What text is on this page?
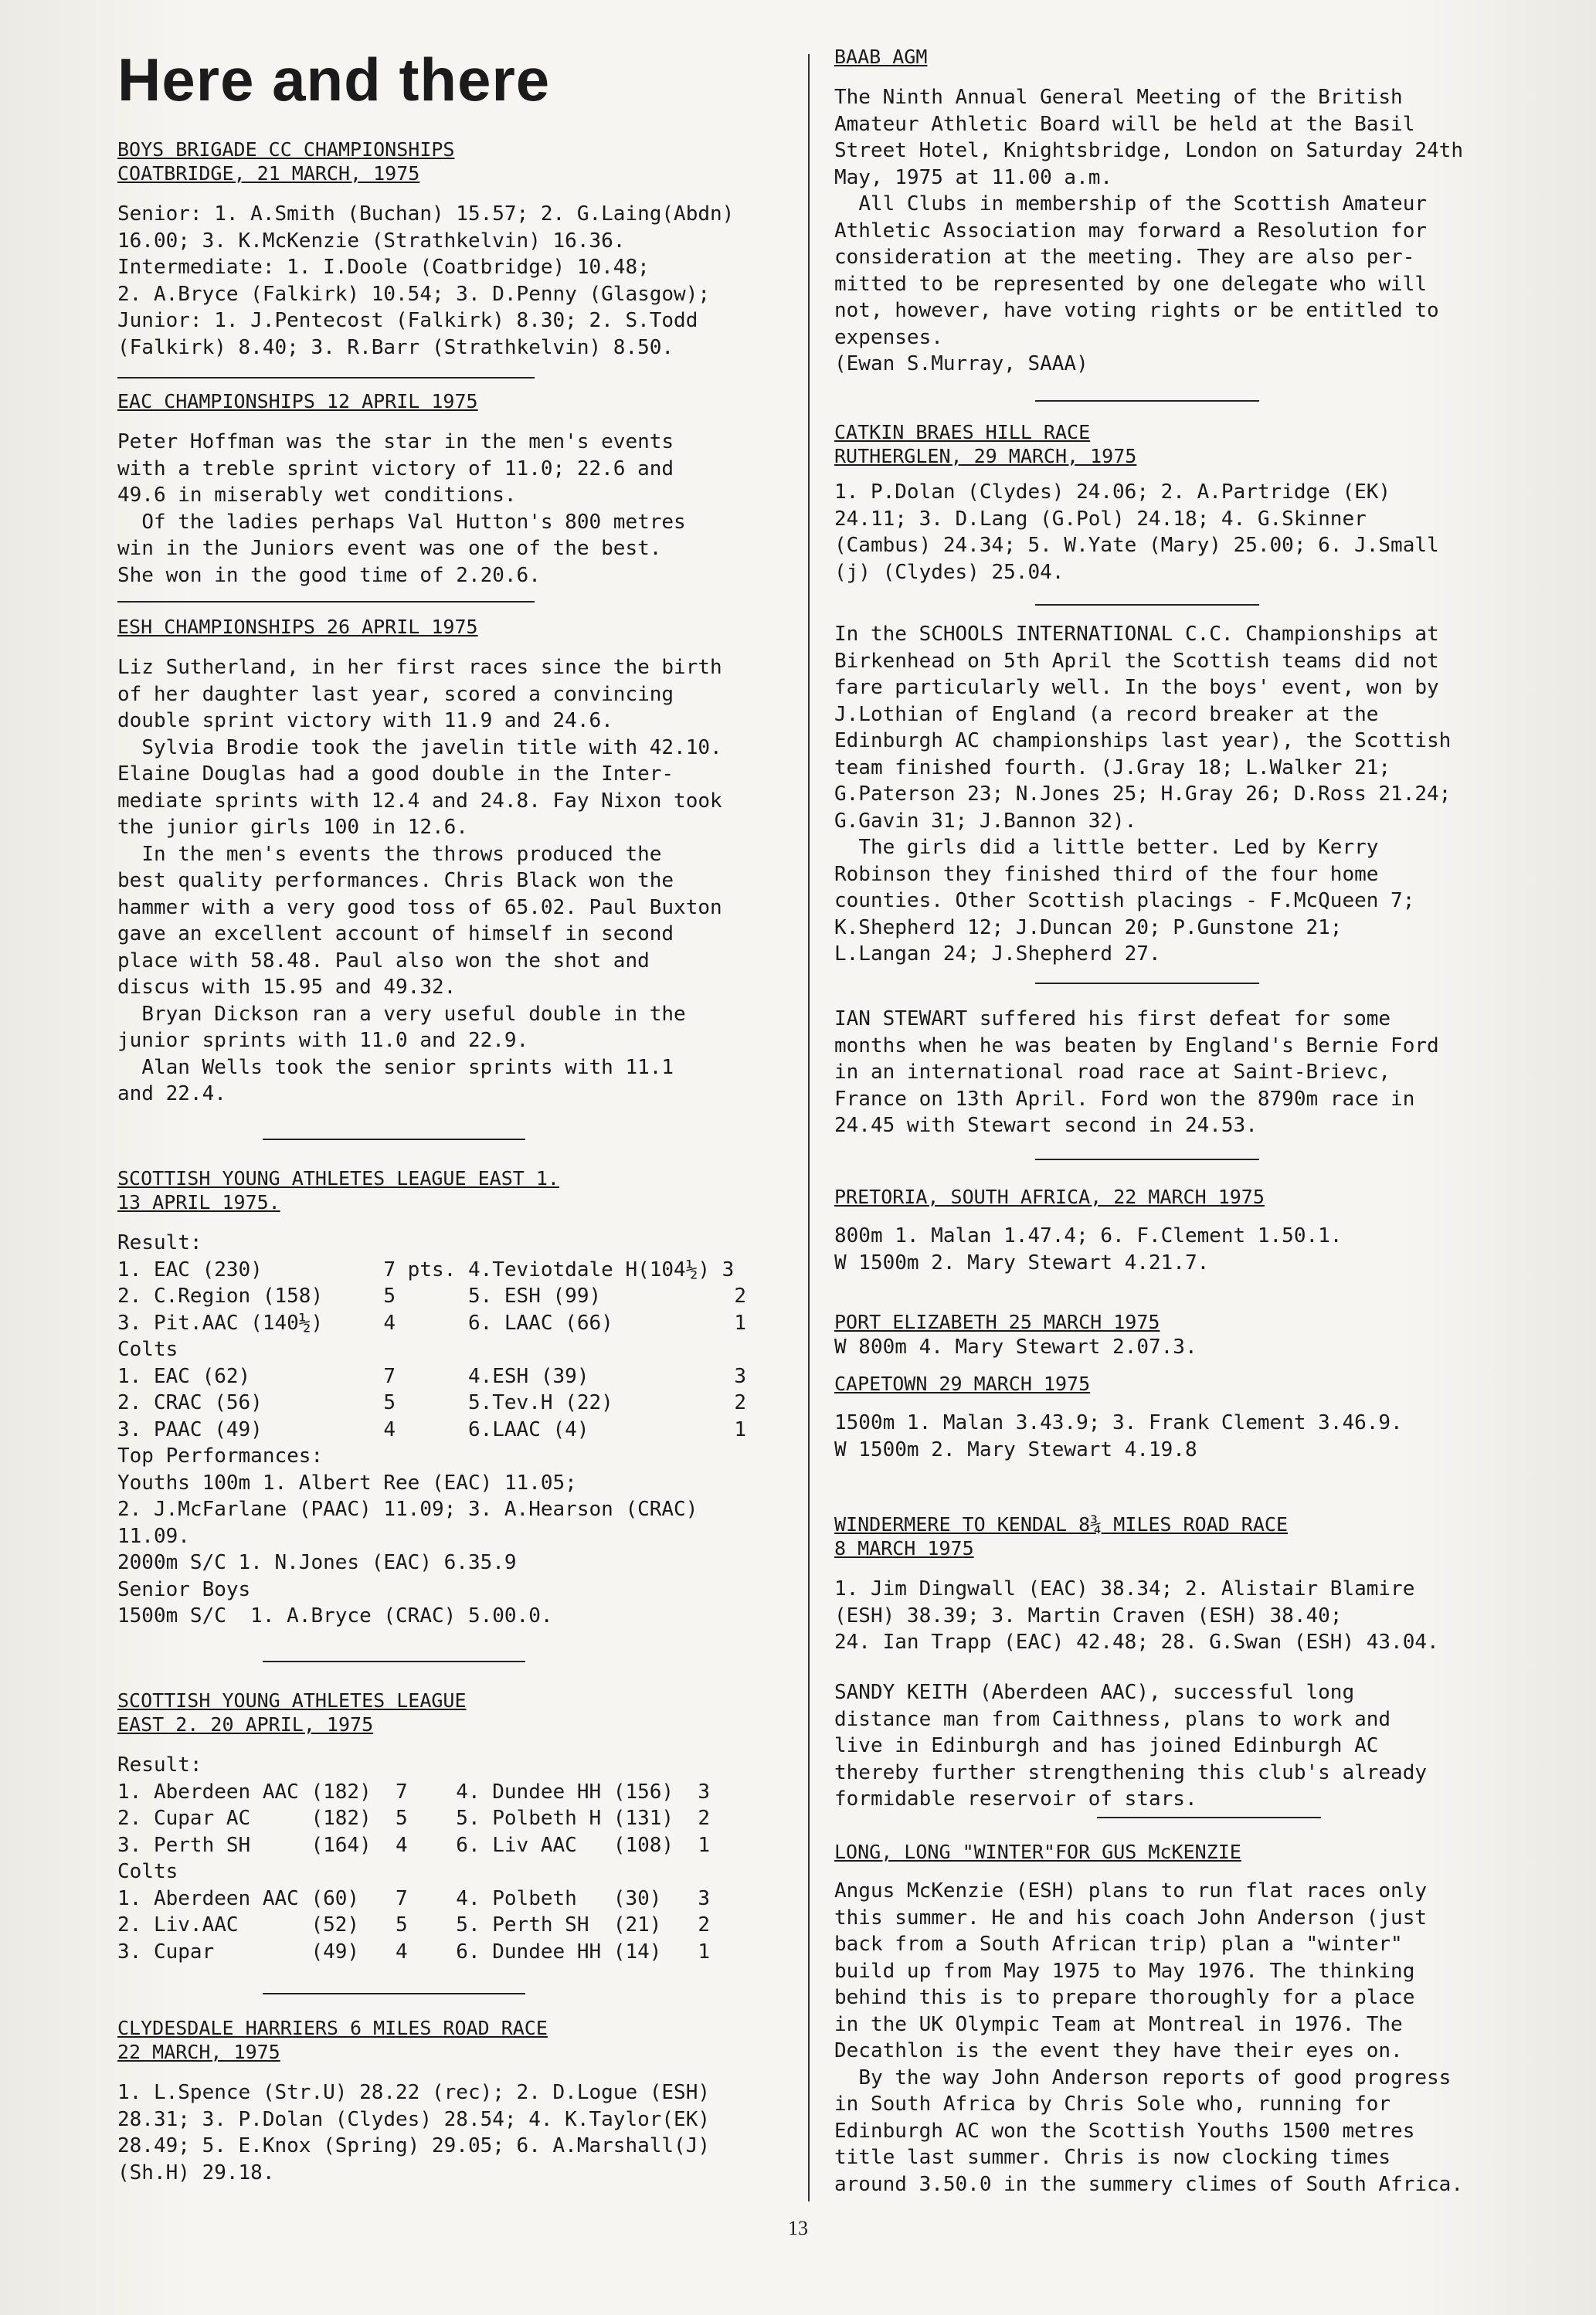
Here and there
BOYS BRIGADE CC CHAMPIONSHIPS
COATBRIDGE, 21 MARCH, 1975

Senior: 1. A.Smith (Buchan) 15.57; 2. G.Laing(Abdn)
16.00; 3. K.McKenzie (Strathkelvin) 16.36.
Intermediate: 1. I.Doole (Coatbridge) 10.48;
2. A.Bryce (Falkirk) 10.54; 3. D.Penny (Glasgow);
Junior: 1. J.Pentecost (Falkirk) 8.30; 2. S.Todd
(Falkirk) 8.40; 3. R.Barr (Strathkelvin) 8.50.

EAC CHAMPIONSHIPS 12 APRIL 1975

Peter Hoffman was the star in the men's events
with a treble sprint victory of 11.0; 22.6 and
49.6 in miserably wet conditions.
Of the ladies perhaps Val Hutton's 800 metres
win in the Juniors event was one of the best.
She won in the good time of 2.20.6.

ESH CHAMPIONSHIPS 26 APRIL 1975

Liz Sutherland, in her first races since the birth
of her daughter last year, scored a convincing
double sprint victory with 11.9 and 24.6.
Sylvia Brodie took the javelin title with 42.10.
Elaine Douglas had a good double in the Inter-
mediate sprints with 12.4 and 24.8. Fay Nixon took
the junior girls 100 in 12.6.
In the men's events the throws produced the
best quality performances. Chris Black won the
hammer with a very good toss of 65.02. Paul Buxton
gave an excellent account of himself in second
place with 58.48. Paul also won the shot and
discus with 15.95 and 49.32.
Bryan Dickson ran a very useful double in the
junior sprints with 11.0 and 22.9.
Alan Wells took the senior sprints with 11.1
and 22.4.

SCOTTISH YOUNG ATHLETES LEAGUE EAST 1.
13 APRIL 1975.

Result:
1. EAC (230)          7 pts. 4.Teviotdale H(104½) 3
2. C.Region (158)     5      5. ESH (99)           2
3. Pit.AAC (140½)     4      6. LAAC (66)          1
Colts
1. EAC (62)           7      4.ESH (39)            3
2. CRAC (56)          5      5.Tev.H (22)          2
3. PAAC (49)          4      6.LAAC (4)            1
Top Performances:
Youths 100m 1. Albert Ree (EAC) 11.05;
2. J.McFarlane (PAAC) 11.09; 3. A.Hearson (CRAC)
11.09.
2000m S/C 1. N.Jones (EAC) 6.35.9
Senior Boys
1500m S/C  1. A.Bryce (CRAC) 5.00.0.

SCOTTISH YOUNG ATHLETES LEAGUE
EAST 2. 20 APRIL, 1975

Result:
1. Aberdeen AAC (182)  7    4. Dundee HH (156)  3
2. Cupar AC     (182)  5    5. Polbeth H (131)  2
3. Perth SH     (164)  4    6. Liv AAC   (108)  1
Colts
1. Aberdeen AAC (60)   7    4. Polbeth   (30)   3
2. Liv.AAC      (52)   5    5. Perth SH  (21)   2
3. Cupar        (49)   4    6. Dundee HH (14)   1

CLYDESDALE HARRIERS 6 MILES ROAD RACE
22 MARCH, 1975

1. L.Spence (Str.U) 28.22 (rec); 2. D.Logue (ESH)
28.31; 3. P.Dolan (Clydes) 28.54; 4. K.Taylor(EK)
28.49; 5. E.Knox (Spring) 29.05; 6. A.Marshall(J)
(Sh.H) 29.18.

BAAB AGM

The Ninth Annual General Meeting of the British
Amateur Athletic Board will be held at the Basil
Street Hotel, Knightsbridge, London on Saturday 24th
May, 1975 at 11.00 a.m.
All Clubs in membership of the Scottish Amateur
Athletic Association may forward a Resolution for
consideration at the meeting. They are also per-
mitted to be represented by one delegate who will
not, however, have voting rights or be entitled to
expenses.
(Ewan S.Murray, SAAA)

CATKIN BRAES HILL RACE
RUTHERGLEN, 29 MARCH, 1975

1. P.Dolan (Clydes) 24.06; 2. A.Partridge (EK)
24.11; 3. D.Lang (G.Pol) 24.18; 4. G.Skinner
(Cambus) 24.34; 5. W.Yate (Mary) 25.00; 6. J.Small
(j) (Clydes) 25.04.

In the SCHOOLS INTERNATIONAL C.C. Championships at
Birkenhead on 5th April the Scottish teams did not
fare particularly well. In the boys' event, won by
J.Lothian of England (a record breaker at the
Edinburgh AC championships last year), the Scottish
team finished fourth. (J.Gray 18; L.Walker 21;
G.Paterson 23; N.Jones 25; H.Gray 26; D.Ross 21.24;
G.Gavin 31; J.Bannon 32).
The girls did a little better. Led by Kerry
Robinson they finished third of the four home
counties. Other Scottish placings - F.McQueen 7;
K.Shepherd 12; J.Duncan 20; P.Gunstone 21;
L.Langan 24; J.Shepherd 27.

IAN STEWART suffered his first defeat for some
months when he was beaten by England's Bernie Ford
in an international road race at Saint-Brievc,
France on 13th April. Ford won the 8790m race in
24.45 with Stewart second in 24.53.

PRETORIA, SOUTH AFRICA, 22 MARCH 1975

800m 1. Malan 1.47.4; 6. F.Clement 1.50.1.
W 1500m 2. Mary Stewart 4.21.7.

PORT ELIZABETH 25 MARCH 1975

W 800m 4. Mary Stewart 2.07.3.

CAPETOWN 29 MARCH 1975

1500m 1. Malan 3.43.9; 3. Frank Clement 3.46.9.
W 1500m 2. Mary Stewart 4.19.8

WINDERMERE TO KENDAL 8¾ MILES ROAD RACE
8 MARCH 1975

1. Jim Dingwall (EAC) 38.34; 2. Alistair Blamire
(ESH) 38.39; 3. Martin Craven (ESH) 38.40;
24. Ian Trapp (EAC) 42.48; 28. G.Swan (ESH) 43.04.

SANDY KEITH (Aberdeen AAC), successful long
distance man from Caithness, plans to work and
live in Edinburgh and has joined Edinburgh AC
thereby further strengthening this club's already
formidable reservoir of stars.

LONG, LONG "WINTER"FOR GUS McKENZIE

Angus McKenzie (ESH) plans to run flat races only
this summer. He and his coach John Anderson (just
back from a South African trip) plan a "winter"
build up from May 1975 to May 1976. The thinking
behind this is to prepare thoroughly for a place
in the UK Olympic Team at Montreal in 1976. The
Decathlon is the event they have their eyes on.
By the way John Anderson reports of good progress
in South Africa by Chris Sole who, running for
Edinburgh AC won the Scottish Youths 1500 metres
title last summer. Chris is now clocking times
around 3.50.0 in the summery climes of South Africa.

13
